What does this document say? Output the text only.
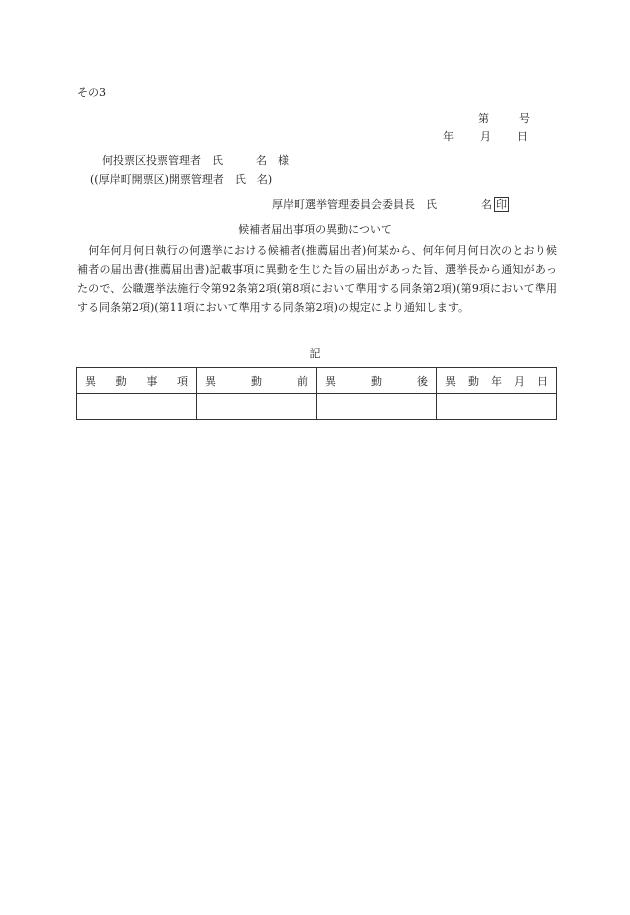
その3
第	号
年 月 日
何投票区投票管理者　氏　　　名　様
((厚岸町開票区)開票管理者　氏　名)
厚岸町選挙管理委員会委員長　氏　　　　名 印
候補者届出事項の異動について
　何年何月何日執行の何選挙における候補者(推薦届出者)何某から、何年何月何日次のとおり候補者の届出書(推薦届出書)記載事項に異動を生じた旨の届出があった旨、選挙長から通知があったので、公職選挙法施行令第92条第2項(第8項において準用する同条第2項)(第9項において準用する同条第2項)(第11項において準用する同条第2項)の規定により通知します。
記
異 動 事 項	異 動 前	異 動 後	異 動 年 月 日
